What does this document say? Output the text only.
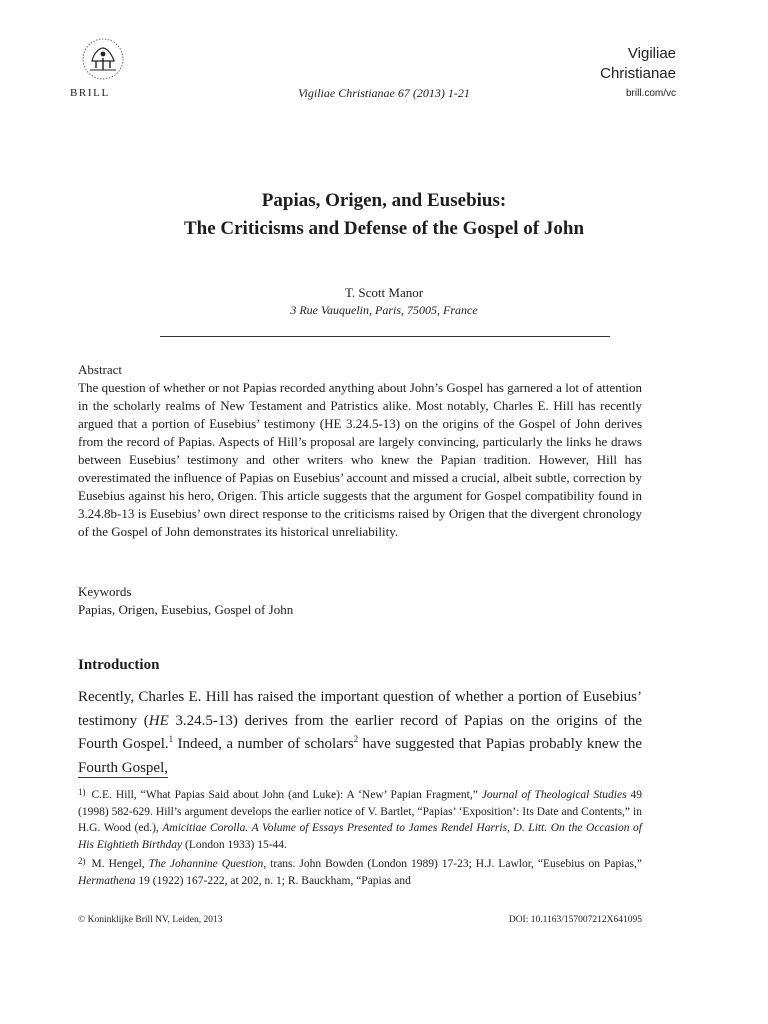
BRILL	Vigiliae Christianae 67 (2013) 1-21
Vigiliae
Christianae
brill.com/vc
Papias, Origen, and Eusebius:
The Criticisms and Defense of the Gospel of John
T. Scott Manor
3 Rue Vauquelin, Paris, 75005, France

Abstract

The question of whether or not Papias recorded anything about John’s Gospel has garnered a lot of attention in the scholarly realms of New Testament and Patristics alike. Most notably, Charles E. Hill has recently argued that a portion of Eusebius’ testimony (HE 3.24.5-13) on the origins of the Gospel of John derives from the record of Papias. Aspects of Hill’s proposal are largely convincing, particularly the links he draws between Eusebius’ testimony and other writers who knew the Papian tradition. However, Hill has overestimated the influence of Papias on Eusebius’ account and missed a crucial, albeit subtle, correction by Eusebius against his hero, Origen. This article suggests that the argument for Gospel compatibility found in 3.24.8b-13 is Eusebius’ own direct response to the criticisms raised by Origen that the divergent chronology of the Gospel of John demonstrates its historical unreliability.

Keywords

Papias, Origen, Eusebius, Gospel of John

Introduction

Recently, Charles E. Hill has raised the important question of whether a portion of Eusebius’ testimony (HE 3.24.5-13) derives from the earlier record of Papias on the origins of the Fourth Gospel.$^1$ Indeed, a number of scholars$^2$ have suggested that Papias probably knew the Fourth Gospel,

$^{1)}$ C.E. Hill, “What Papias Said about John (and Luke): A ‘New’ Papian Fragment,” Journal of Theological Studies 49 (1998) 582-629. Hill’s argument develops the earlier notice of V. Bartlet, “Papias’ ‘Exposition’: Its Date and Contents,” in H.G. Wood (ed.), Amicitiae Corolla. A Volume of Essays Presented to James Rendel Harris, D. Litt. On the Occasion of His Eightieth Birthday (London 1933) 15-44.

$^{2)}$ M. Hengel, The Johannine Question, trans. John Bowden (London 1989) 17-23; H.J. Lawlor, “Eusebius on Papias,” Hermathena 19 (1922) 167-222, at 202, n. 1; R. Bauckham, “Papias and

© Koninklijke Brill NV, Leiden, 2013	DOI: 10.1163/157007212X641095
